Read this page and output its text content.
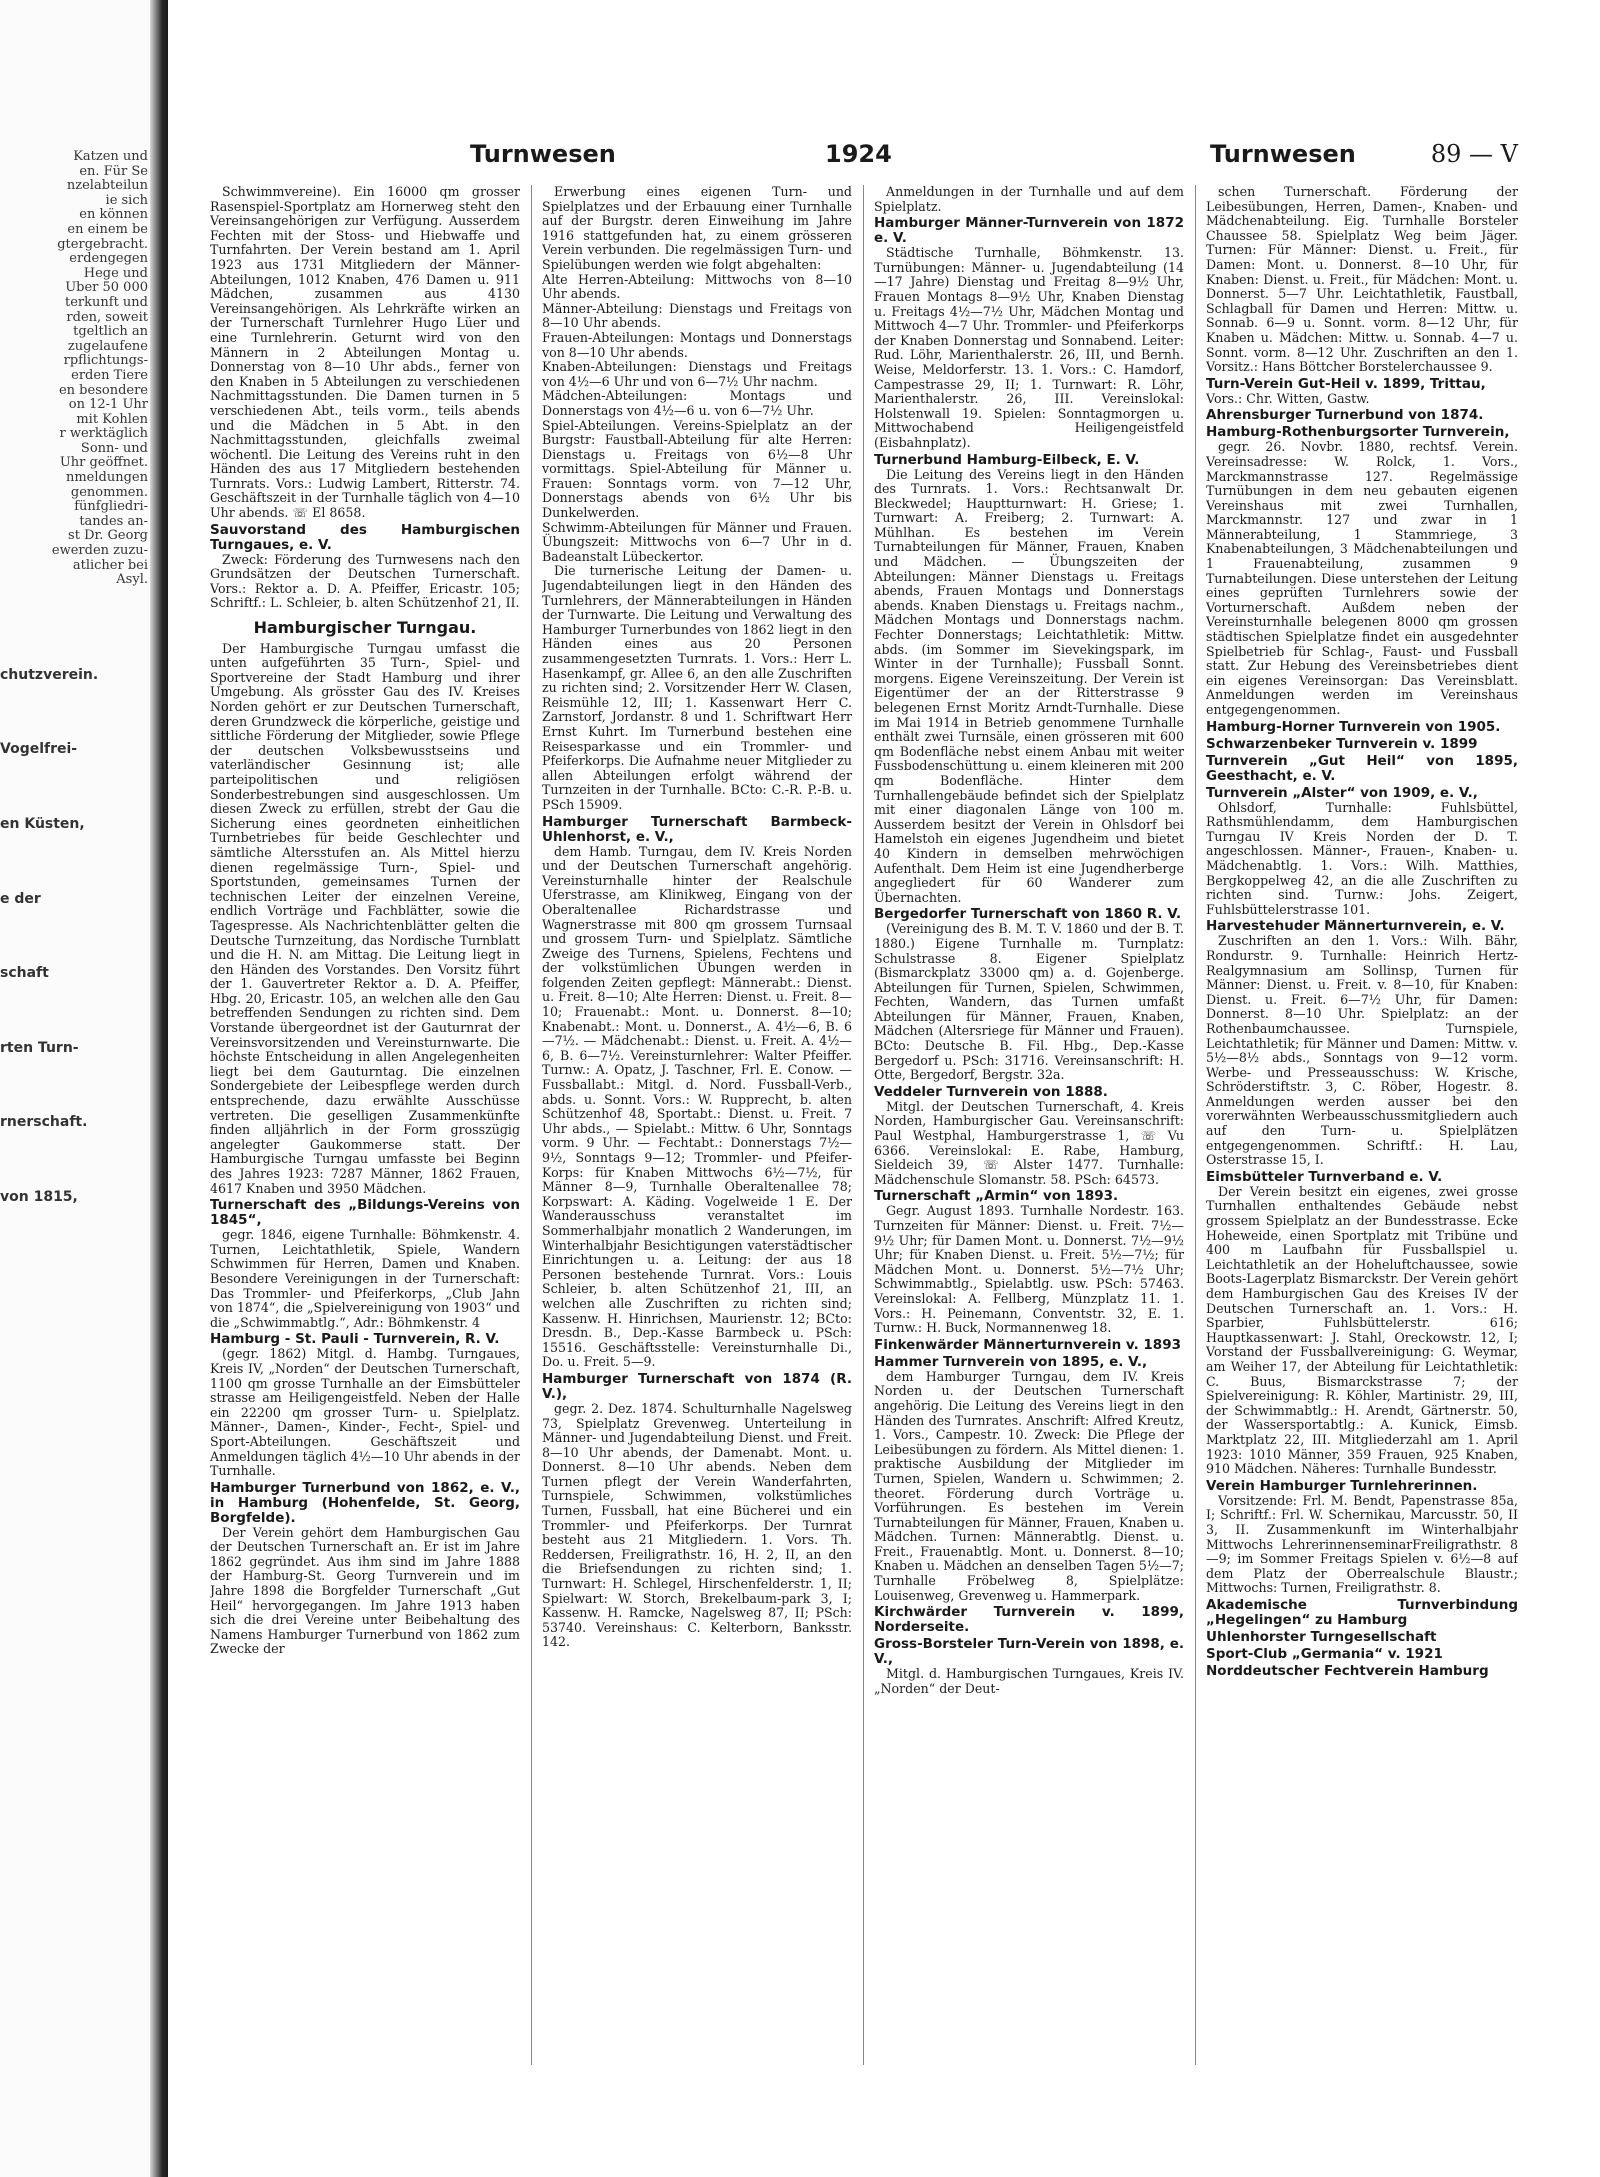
Katzen und
en. Für Se
nzelabteilun
ie sich
en können
en einem be
gtergebracht.
erdengegen
Hege und
Über 50 000
terkunft und
rden, soweit
tgeltlich an
zugelaufene
rpflichtungs-
erden Tiere
en besondere
on 12-1 Uhr
mit Kohlen
r werktäglich
Sonn- und
Uhr geöffnet.
nmeldungen
genommen.
fünfgliedri-
tandes an-
st Dr. Georg
ewerden zuzu-
atlicher bei
Asyl.
chutzverein.
Vogelfrei-
en Küsten,
e der
schaft
rten Turn-
rnerschaft.
von 1815,
Turnwesen	1924	Turnwesen	89 — V

Schwimmvereine). Ein 16000 qm grosser Rasenspiel-Sportplatz am Hornerweg steht den Vereinsangehörigen zur Verfügung. Ausserdem Fechten mit der Stoss- und Hiebwaffe und Turnfahrten. Der Verein bestand am 1. April 1923 aus 1731 Mitgliedern der Männer-Abteilungen, 1012 Knaben, 476 Damen u. 911 Mädchen, zusammen aus 4130 Vereinsangehörigen. Als Lehrkräfte wirken an der Turnerschaft Turnlehrer Hugo Lüer und eine Turnlehrerin. Geturnt wird von den Männern in 2 Abteilungen Montag u. Donnerstag von 8—10 Uhr abds., ferner von den Knaben in 5 Abteilungen zu verschiedenen Nachmittagsstunden. Die Damen turnen in 5 verschiedenen Abt., teils vorm., teils abends und die Mädchen in 5 Abt. in den Nachmittagsstunden, gleichfalls zweimal wöchentl. Die Leitung des Vereins ruht in den Händen des aus 17 Mitgliedern bestehenden Turnrats. Vors.: Ludwig Lambert, Ritterstr. 74. Geschäftszeit in der Turnhalle täglich von 4—10 Uhr abends. ☏ El 8658.

Sauvorstand des Hamburgischen Turngaues, e. V.

Zweck: Förderung des Turnwesens nach den Grundsätzen der Deutschen Turnerschaft. Vors.: Rektor a. D. A. Pfeiffer, Ericastr. 105; Schriftf.: L. Schleier, b. alten Schützenhof 21, II.

Hamburgischer Turngau.

Der Hamburgische Turngau umfasst die unten aufgeführten 35 Turn-, Spiel- und Sportvereine der Stadt Hamburg und ihrer Umgebung. Als grösster Gau des IV. Kreises Norden gehört er zur Deutschen Turnerschaft, deren Grundzweck die körperliche, geistige und sittliche Förderung der Mitglieder, sowie Pflege der deutschen Volksbewusstseins und vaterländischer Gesinnung ist; alle parteipolitischen und religiösen Sonderbestrebungen sind ausgeschlossen. Um diesen Zweck zu erfüllen, strebt der Gau die Sicherung eines geordneten einheitlichen Turnbetriebes für beide Geschlechter und sämtliche Altersstufen an. Als Mittel hierzu dienen regelmässige Turn-, Spiel- und Sportstunden, gemeinsames Turnen der technischen Leiter der einzelnen Vereine, endlich Vorträge und Fachblätter, sowie die Tagespresse. Als Nachrichtenblätter gelten die Deutsche Turnzeitung, das Nordische Turnblatt und die H. N. am Mittag. Die Leitung liegt in den Händen des Vorstandes. Den Vorsitz führt der 1. Gauvertreter Rektor a. D. A. Pfeiffer, Hbg. 20, Ericastr. 105, an welchen alle den Gau betreffenden Sendungen zu richten sind. Dem Vorstande übergeordnet ist der Gauturnrat der Vereinsvorsitzenden und Vereinsturnwarte. Die höchste Entscheidung in allen Angelegenheiten liegt bei dem Gauturntag. Die einzelnen Sondergebiete der Leibespflege werden durch entsprechende, dazu erwählte Ausschüsse vertreten. Die geselligen Zusammenkünfte finden alljährlich in der Form grosszügig angelegter Gaukommerse statt. Der Hamburgische Turngau umfasste bei Beginn des Jahres 1923: 7287 Männer, 1862 Frauen, 4617 Knaben und 3950 Mädchen.

Turnerschaft des „Bildungs-Vereins von 1845“,

gegr. 1846, eigene Turnhalle: Böhmkenstr. 4. Turnen, Leichtathletik, Spiele, Wandern Schwimmen für Herren, Damen und Knaben. Besondere Vereinigungen in der Turnerschaft: Das Trommler- und Pfeiferkorps, „Club Jahn von 1874“, die „Spielvereinigung von 1903“ und die „Schwimmabtlg.“, Adr.: Böhmkenstr. 4

Hamburg - St. Pauli - Turnverein, R. V.

(gegr. 1862) Mitgl. d. Hambg. Turngaues, Kreis IV, „Norden“ der Deutschen Turnerschaft, 1100 qm grosse Turnhalle an der Eimsbütteler strasse am Heiligengeistfeld. Neben der Halle ein 22200 qm grosser Turn- u. Spielplatz. Männer-, Damen-, Kinder-, Fecht-, Spiel- und Sport-Abteilungen. Geschäftszeit und Anmeldungen täglich 4½—10 Uhr abends in der Turnhalle.

Hamburger Turnerbund von 1862, e. V., in Hamburg (Hohenfelde, St. Georg, Borgfelde).

Der Verein gehört dem Hamburgischen Gau der Deutschen Turnerschaft an. Er ist im Jahre 1862 gegründet. Aus ihm sind im Jahre 1888 der Hamburg-St. Georg Turnverein und im Jahre 1898 die Borgfelder Turnerschaft „Gut Heil“ hervorgegangen. Im Jahre 1913 haben sich die drei Vereine unter Beibehaltung des Namens Hamburger Turnerbund von 1862 zum Zwecke der

Erwerbung eines eigenen Turn- und Spielplatzes und der Erbauung einer Turnhalle auf der Burgstr. deren Einweihung im Jahre 1916 stattgefunden hat, zu einem grösseren Verein verbunden. Die regelmässigen Turn- und Spielübungen werden wie folgt abgehalten:

Alte Herren-Abteilung: Mittwochs von 8—10 Uhr abends.

Männer-Abteilung: Dienstags und Freitags von 8—10 Uhr abends.

Frauen-Abteilungen: Montags und Donnerstags von 8—10 Uhr abends.

Knaben-Abteilungen: Dienstags und Freitags von 4½—6 Uhr und von 6—7½ Uhr nachm.

Mädchen-Abteilungen: Montags und Donnerstags von 4½—6 u. von 6—7½ Uhr.

Spiel-Abteilungen. Vereins-Spielplatz an der Burgstr: Faustball-Abteilung für alte Herren: Dienstags u. Freitags von 6½—8 Uhr vormittags. Spiel-Abteilung für Männer u. Frauen: Sonntags vorm. von 7—12 Uhr, Donnerstags abends von 6½ Uhr bis Dunkelwerden.

Schwimm-Abteilungen für Männer und Frauen. Übungszeit: Mittwochs von 6—7 Uhr in d. Badeanstalt Lübeckertor.

Die turnerische Leitung der Damen- u. Jugendabteilungen liegt in den Händen des Turnlehrers, der Männerabteilungen in Händen der Turnwarte. Die Leitung und Verwaltung des Hamburger Turnerbundes von 1862 liegt in den Händen eines aus 20 Personen zusammengesetzten Turnrats. 1. Vors.: Herr L. Hasenkampf, gr. Allee 6, an den alle Zuschriften zu richten sind; 2. Vorsitzender Herr W. Clasen, Reismühle 12, III; 1. Kassenwart Herr C. Zarnstorf, Jordanstr. 8 und 1. Schriftwart Herr Ernst Kuhrt. Im Turnerbund bestehen eine Reisesparkasse und ein Trommler- und Pfeiferkorps. Die Aufnahme neuer Mitglieder zu allen Abteilungen erfolgt während der Turnzeiten in der Turnhalle. BCto: C.-R. P.-B. u. PSch 15909.

Hamburger Turnerschaft Barmbeck-Uhlenhorst, e. V.,

dem Hamb. Turngau, dem IV. Kreis Norden und der Deutschen Turnerschaft angehörig. Vereinsturnhalle hinter der Realschule Uferstrasse, am Klinikweg, Eingang von der Oberaltenallee Richardstrasse und Wagnerstrasse mit 800 qm grossem Turnsaal und grossem Turn- und Spielplatz. Sämtliche Zweige des Turnens, Spielens, Fechtens und der volkstümlichen Übungen werden in folgenden Zeiten gepflegt: Männerabt.: Dienst. u. Freit. 8—10; Alte Herren: Dienst. u. Freit. 8—10; Frauenabt.: Mont. u. Donnerst. 8—10; Knabenabt.: Mont. u. Donnerst., A. 4½—6, B. 6—7½. — Mädchenabt.: Dienst. u. Freit. A. 4½—6, B. 6—7½. Vereinsturnlehrer: Walter Pfeiffer. Turnw.: A. Opatz, J. Taschner, Frl. E. Conow. — Fussballabt.: Mitgl. d. Nord. Fussball-Verb., abds. u. Sonnt. Vors.: W. Rupprecht, b. alten Schützenhof 48, Sportabt.: Dienst. u. Freit. 7 Uhr abds., — Spielabt.: Mittw. 6 Uhr, Sonntags vorm. 9 Uhr. — Fechtabt.: Donnerstags 7½—9½, Sonntags 9—12; Trommler- und Pfeifer-Korps: für Knaben Mittwochs 6½—7½, für Männer 8—9, Turnhalle Oberaltenallee 78; Korpswart: A. Käding. Vogelweide 1 E. Der Wanderausschuss veranstaltet im Sommerhalbjahr monatlich 2 Wanderungen, im Winterhalbjahr Besichtigungen vaterstädtischer Einrichtungen u. a. Leitung: der aus 18 Personen bestehende Turnrat. Vors.: Louis Schleier, b. alten Schützenhof 21, III, an welchen alle Zuschriften zu richten sind; Kassenw. H. Hinrichsen, Maurienstr. 12; BCto: Dresdn. B., Dep.-Kasse Barmbeck u. PSch: 15516. Geschäftsstelle: Vereinsturnhalle Di., Do. u. Freit. 5—9.

Hamburger Turnerschaft von 1874 (R. V.),

gegr. 2. Dez. 1874. Schulturnhalle Nagelsweg 73, Spielplatz Grevenweg. Unterteilung in Männer- und Jugendabteilung Dienst. und Freit. 8—10 Uhr abends, der Damenabt. Mont. u. Donnerst. 8—10 Uhr abends. Neben dem Turnen pflegt der Verein Wanderfahrten, Turnspiele, Schwimmen, volkstümliches Turnen, Fussball, hat eine Bücherei und ein Trommler- und Pfeiferkorps. Der Turnrat besteht aus 21 Mitgliedern. 1. Vors. Th. Reddersen, Freiligrathstr. 16, H. 2, II, an den die Briefsendungen zu richten sind; 1. Turnwart: H. Schlegel, Hirschenfelderstr. 1, II; Spielwart: W. Storch, Brekelbaum-park 3, I; Kassenw. H. Ramcke, Nagelsweg 87, II; PSch: 53740. Vereinshaus: C. Kelterborn, Banksstr. 142.

Anmeldungen in der Turnhalle und auf dem Spielplatz.

Hamburger Männer-Turnverein von 1872 e. V.

Städtische Turnhalle, Böhmkenstr. 13. Turnübungen: Männer- u. Jugendabteilung (14—17 Jahre) Dienstag und Freitag 8—9½ Uhr, Frauen Montags 8—9½ Uhr, Knaben Dienstag u. Freitags 4½—7½ Uhr, Mädchen Montag und Mittwoch 4—7 Uhr. Trommler- und Pfeiferkorps der Knaben Donnerstag und Sonnabend. Leiter: Rud. Löhr, Marienthalerstr. 26, III, und Bernh. Weise, Meldorferstr. 13. 1. Vors.: C. Hamdorf, Campestrasse 29, II; 1. Turnwart: R. Löhr, Marienthalerstr. 26, III. Vereinslokal: Holstenwall 19. Spielen: Sonntagmorgen u. Mittwochabend Heiligengeistfeld (Eisbahnplatz).

Turnerbund Hamburg-Eilbeck, E. V.

Die Leitung des Vereins liegt in den Händen des Turnrats. 1. Vors.: Rechtsanwalt Dr. Bleckwedel; Hauptturnwart: H. Griese; 1. Turnwart: A. Freiberg; 2. Turnwart: A. Mühlhan. Es bestehen im Verein Turnabteilungen für Männer, Frauen, Knaben und Mädchen. — Übungszeiten der Abteilungen: Männer Dienstags u. Freitags abends, Frauen Montags und Donnerstags abends. Knaben Dienstags u. Freitags nachm., Mädchen Montags und Donnerstags nachm. Fechter Donnerstags; Leichtathletik: Mittw. abds. (im Sommer im Sievekingspark, im Winter in der Turnhalle); Fussball Sonnt. morgens. Eigene Vereinszeitung. Der Verein ist Eigentümer der an der Ritterstrasse 9 belegenen Ernst Moritz Arndt-Turnhalle. Diese im Mai 1914 in Betrieb genommene Turnhalle enthält zwei Turnsäle, einen grösseren mit 600 qm Bodenfläche nebst einem Anbau mit weiter Fussbodenschüttung u. einem kleineren mit 200 qm Bodenfläche. Hinter dem Turnhallengebäude befindet sich der Spielplatz mit einer diagonalen Länge von 100 m. Ausserdem besitzt der Verein in Ohlsdorf bei Hamelstoh ein eigenes Jugendheim und bietet 40 Kindern in demselben mehrwöchigen Aufenthalt. Dem Heim ist eine Jugendherberge angegliedert für 60 Wanderer zum Übernachten.

Bergedorfer Turnerschaft von 1860 R. V.

(Vereinigung des B. M. T. V. 1860 und der B. T. 1880.) Eigene Turnhalle m. Turnplatz: Schulstrasse 8. Eigener Spielplatz (Bismarckplatz 33000 qm) a. d. Gojenberge. Abteilungen für Turnen, Spielen, Schwimmen, Fechten, Wandern, das Turnen umfaßt Abteilungen für Männer, Frauen, Knaben, Mädchen (Altersriege für Männer und Frauen). BCto: Deutsche B. Fil. Hbg., Dep.-Kasse Bergedorf u. PSch: 31716. Vereinsanschrift: H. Otte, Bergedorf, Bergstr. 32a.

Veddeler Turnverein von 1888.

Mitgl. der Deutschen Turnerschaft, 4. Kreis Norden, Hamburgischer Gau. Vereinsanschrift: Paul Westphal, Hamburgerstrasse 1, ☏ Vu 6366. Vereinslokal: E. Rabe, Hamburg, Sieldeich 39, ☏ Alster 1477. Turnhalle: Mädchenschule Slomanstr. 58. PSch: 64573.

Turnerschaft „Armin“ von 1893.

Gegr. August 1893. Turnhalle Nordestr. 163. Turnzeiten für Männer: Dienst. u. Freit. 7½—9½ Uhr; für Damen Mont. u. Donnerst. 7½—9½ Uhr; für Knaben Dienst. u. Freit. 5½—7½; für Mädchen Mont. u. Donnerst. 5½—7½ Uhr; Schwimmabtlg., Spielabtlg. usw. PSch: 57463. Vereinslokal: A. Fellberg, Münzplatz 11. 1. Vors.: H. Peinemann, Conventstr. 32, E. 1. Turnw.: H. Buck, Normannenweg 18.

Finkenwärder Männerturnverein v. 1893

Hammer Turnverein von 1895, e. V.,

dem Hamburger Turngau, dem IV. Kreis Norden u. der Deutschen Turnerschaft angehörig. Die Leitung des Vereins liegt in den Händen des Turnrates. Anschrift: Alfred Kreutz, 1. Vors., Campestr. 10. Zweck: Die Pflege der Leibesübungen zu fördern. Als Mittel dienen: 1. praktische Ausbildung der Mitglieder im Turnen, Spielen, Wandern u. Schwimmen; 2. theoret. Förderung durch Vorträge u. Vorführungen. Es bestehen im Verein Turnabteilungen für Männer, Frauen, Knaben u. Mädchen. Turnen: Männerabtlg. Dienst. u. Freit., Frauenabtlg. Mont. u. Donnerst. 8—10; Knaben u. Mädchen an denselben Tagen 5½—7; Turnhalle Fröbelweg 8, Spielplätze: Louisenweg, Grevenweg u. Hammerpark.

Kirchwärder Turnverein v. 1899, Norderseite.

Gross-Borsteler Turn-Verein von 1898, e. V.,

Mitgl. d. Hamburgischen Turngaues, Kreis IV. „Norden“ der Deut-

schen Turnerschaft. Förderung der Leibesübungen, Herren, Damen-, Knaben- und Mädchenabteilung. Eig. Turnhalle Borsteler Chaussee 58. Spielplatz Weg beim Jäger. Turnen: Für Männer: Dienst. u. Freit., für Damen: Mont. u. Donnerst. 8—10 Uhr, für Knaben: Dienst. u. Freit., für Mädchen: Mont. u. Donnerst. 5—7 Uhr. Leichtathletik, Faustball, Schlagball für Damen und Herren: Mittw. u. Sonnab. 6—9 u. Sonnt. vorm. 8—12 Uhr, für Knaben u. Mädchen: Mittw. u. Sonnab. 4—7 u. Sonnt. vorm. 8—12 Uhr. Zuschriften an den 1. Vorsitz.: Hans Böttcher Borstelerchaussee 9.

Turn-Verein Gut-Heil v. 1899, Trittau,

Vors.: Chr. Witten, Gastw.

Ahrensburger Turnerbund von 1874.

Hamburg-Rothenburgsorter Turnverein,

gegr. 26. Novbr. 1880, rechtsf. Verein. Vereinsadresse: W. Rolck, 1. Vors., Marckmannstrasse 127. Regelmässige Turnübungen in dem neu gebauten eigenen Vereinshaus mit zwei Turnhallen, Marckmannstr. 127 und zwar in 1 Männerabteilung, 1 Stammriege, 3 Knabenabteilungen, 3 Mädchenabteilungen und 1 Frauenabteilung, zusammen 9 Turnabteilungen. Diese unterstehen der Leitung eines geprüften Turnlehrers sowie der Vorturnerschaft. Außdem neben der Vereinsturnhalle belegenen 8000 qm grossen städtischen Spielplatze findet ein ausgedehnter Spielbetrieb für Schlag-, Faust- und Fussball statt. Zur Hebung des Vereinsbetriebes dient ein eigenes Vereinsorgan: Das Vereinsblatt. Anmeldungen werden im Vereinshaus entgegengenommen.

Hamburg-Horner Turnverein von 1905.

Schwarzenbeker Turnverein v. 1899

Turnverein „Gut Heil“ von 1895, Geesthacht, e. V.

Turnverein „Alster“ von 1909, e. V.,

Ohlsdorf, Turnhalle: Fuhlsbüttel, Rathsmühlendamm, dem Hamburgischen Turngau IV Kreis Norden der D. T. angeschlossen. Männer-, Frauen-, Knaben- u. Mädchenabtlg. 1. Vors.: Wilh. Matthies, Bergkoppelweg 42, an die alle Zuschriften zu richten sind. Turnw.: Johs. Zeigert, Fuhlsbüttelerstrasse 101.

Harvestehuder Männerturnverein, e. V.

Zuschriften an den 1. Vors.: Wilh. Bähr, Rondurstr. 9. Turnhalle: Heinrich Hertz-Realgymnasium am Sollinsp, Turnen für Männer: Dienst. u. Freit. v. 8—10, für Knaben: Dienst. u. Freit. 6—7½ Uhr, für Damen: Donnerst. 8—10 Uhr. Spielplatz: an der Rothenbaumchaussee. Turnspiele, Leichtathletik; für Männer und Damen: Mittw. v. 5½—8½ abds., Sonntags von 9—12 vorm. Werbe- und Presseausschuss: W. Krische, Schröderstiftstr. 3, C. Röber, Hogestr. 8. Anmeldungen werden ausser bei den vorerwähnten Werbeausschussmitgliedern auch auf den Turn- u. Spielplätzen entgegengenommen. Schriftf.: H. Lau, Osterstrasse 15, I.

Eimsbütteler Turnverband e. V.

Der Verein besitzt ein eigenes, zwei grosse Turnhallen enthaltendes Gebäude nebst grossem Spielplatz an der Bundesstrasse. Ecke Hoheweide, einen Sportplatz mit Tribüne und 400 m Laufbahn für Fussballspiel u. Leichtathletik an der Hoheluftchaussee, sowie Boots-Lagerplatz Bismarckstr. Der Verein gehört dem Hamburgischen Gau des Kreises IV der Deutschen Turnerschaft an. 1. Vors.: H. Sparbier, Fuhlsbüttelerstr. 616; Hauptkassenwart: J. Stahl, Oreckowstr. 12, I; Vorstand der Fussballvereinigung: G. Weymar, am Weiher 17, der Abteilung für Leichtathletik: C. Buus, Bismarckstrasse 7; der Spielvereinigung: R. Köhler, Martinistr. 29, III, der Schwimmabtlg.: H. Arendt, Gärtnerstr. 50, der Wassersportabtlg.: A. Kunick, Eimsb. Marktplatz 22, III. Mitgliederzahl am 1. April 1923: 1010 Männer, 359 Frauen, 925 Knaben, 910 Mädchen. Näheres: Turnhalle Bundesstr.

Verein Hamburger Turnlehrerinnen.

Vorsitzende: Frl. M. Bendt, Papenstrasse 85a, I; Schriftf.: Frl. W. Schernikau, Marcusstr. 50, II 3, II. Zusammenkunft im Winterhalbjahr Mittwochs LehrerinnenseminarFreiligrathstr. 8—9; im Sommer Freitags Spielen v. 6½—8 auf dem Platz der Oberrealschule Blaustr.; Mittwochs: Turnen, Freiligrathstr. 8.

Akademische Turnverbindung „Hegelingen“ zu Hamburg

Uhlenhorster Turngesellschaft

Sport-Club „Germania“ v. 1921

Norddeutscher Fechtverein Hamburg
